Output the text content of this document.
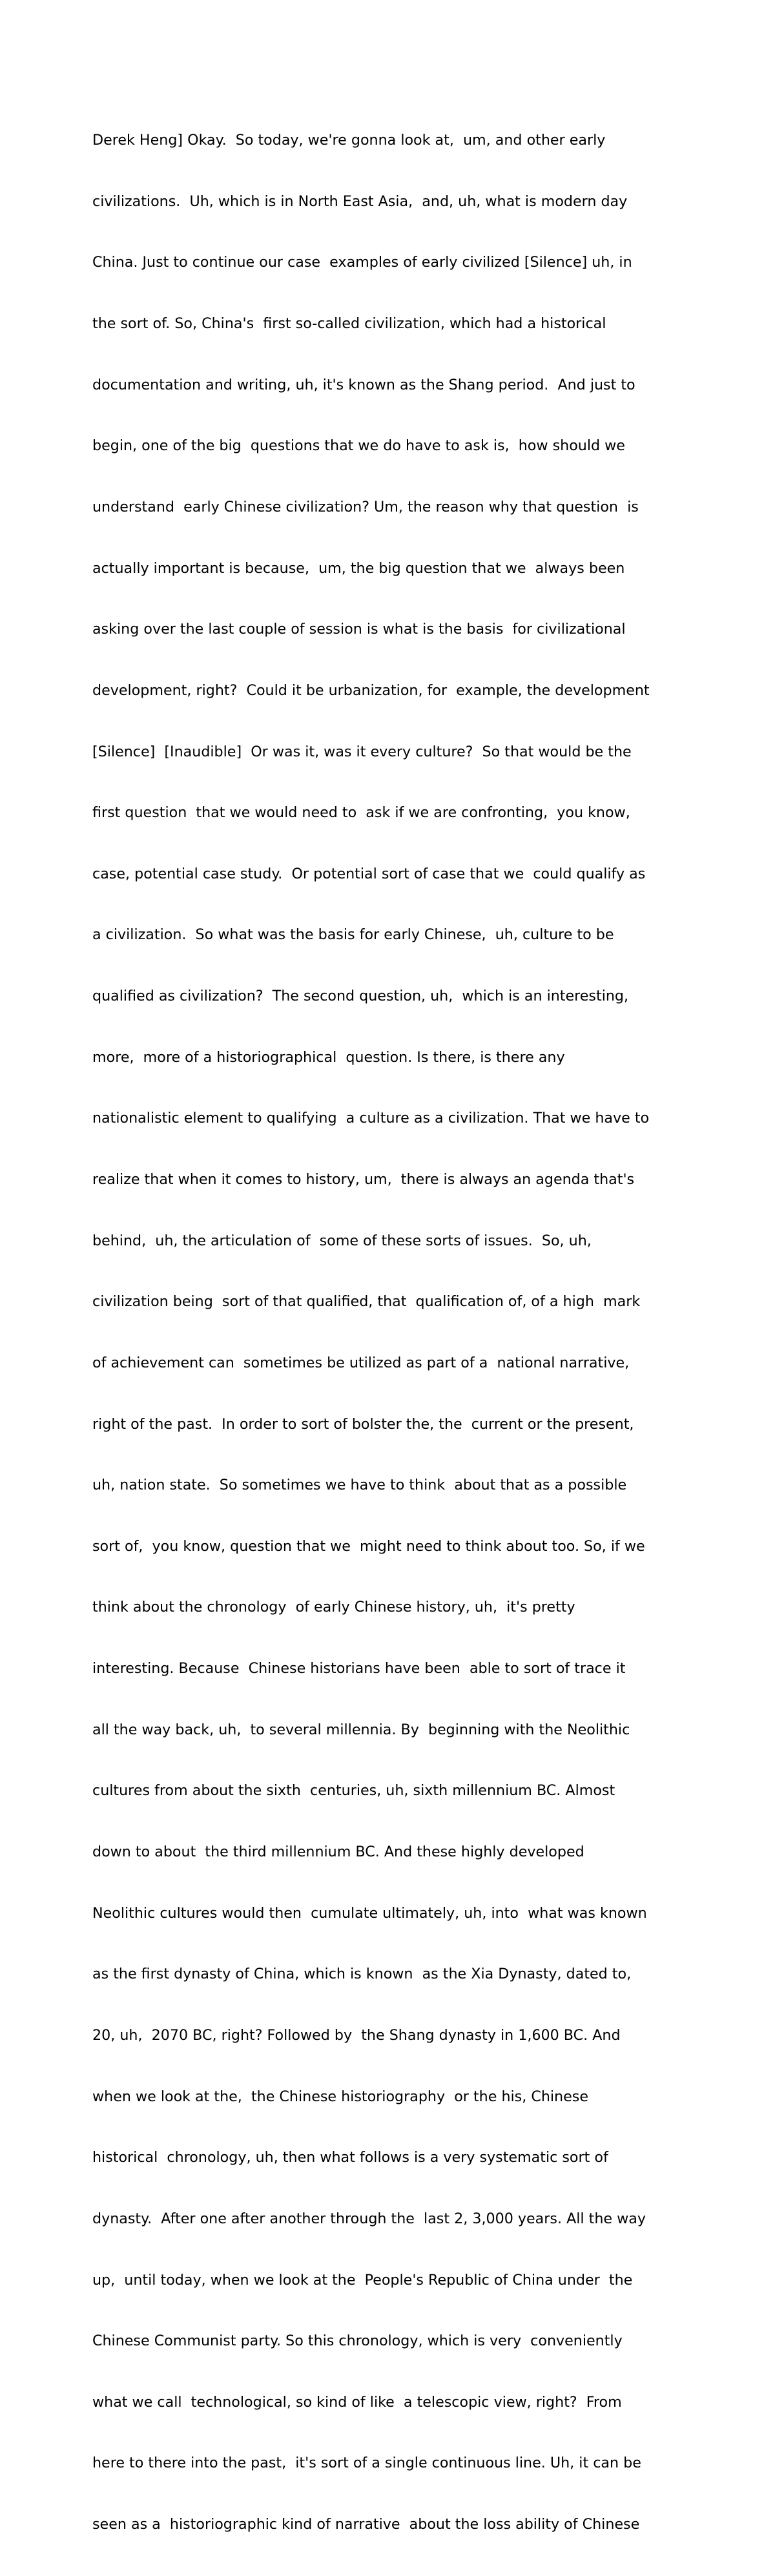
Derek Heng] Okay.  So today, we're gonna look at,  um, and other early

civilizations.  Uh, which is in North East Asia,  and, uh, what is modern day

China. Just to continue our case  examples of early civilized [Silence] uh, in

the sort of. So, China's  first so-called civilization, which had a historical

documentation and writing, uh, it's known as the Shang period.  And just to

begin, one of the big  questions that we do have to ask is,  how should we

understand  early Chinese civilization? Um, the reason why that question  is

actually important is because,  um, the big question that we  always been

asking over the last couple of session is what is the basis  for civilizational

development, right?  Could it be urbanization, for  example, the development

[Silence]  [Inaudible]  Or was it, was it every culture?  So that would be the

first question  that we would need to  ask if we are confronting,  you know,

case, potential case study.  Or potential sort of case that we  could qualify as

a civilization.  So what was the basis for early Chinese,  uh, culture to be

qualified as civilization?  The second question, uh,  which is an interesting,

more,  more of a historiographical  question. Is there, is there any

nationalistic element to qualifying  a culture as a civilization. That we have to

realize that when it comes to history, um,  there is always an agenda that's

behind,  uh, the articulation of  some of these sorts of issues.  So, uh,

civilization being  sort of that qualified, that  qualification of, of a high  mark

of achievement can  sometimes be utilized as part of a  national narrative,

right of the past.  In order to sort of bolster the, the  current or the present,

uh, nation state.  So sometimes we have to think  about that as a possible

sort of,  you know, question that we  might need to think about too. So, if we

think about the chronology  of early Chinese history, uh,  it's pretty

interesting. Because  Chinese historians have been  able to sort of trace it

all the way back, uh,  to several millennia. By  beginning with the Neolithic

cultures from about the sixth  centuries, uh, sixth millennium BC. Almost

down to about  the third millennium BC. And these highly developed

Neolithic cultures would then  cumulate ultimately, uh, into  what was known

as the first dynasty of China, which is known  as the Xia Dynasty, dated to,

20, uh,  2070 BC, right? Followed by  the Shang dynasty in 1,600 BC. And

when we look at the,  the Chinese historiography  or the his, Chinese

historical  chronology, uh, then what follows is a very systematic sort of

dynasty.  After one after another through the  last 2, 3,000 years. All the way

up,  until today, when we look at the  People's Republic of China under  the

Chinese Communist party. So this chronology, which is very  conveniently

what we call  technological, so kind of like  a telescopic view, right?  From

here to there into the past,  it's sort of a single continuous line. Uh, it can be

seen as a  historiographic kind of narrative  about the loss ability of Chinese
